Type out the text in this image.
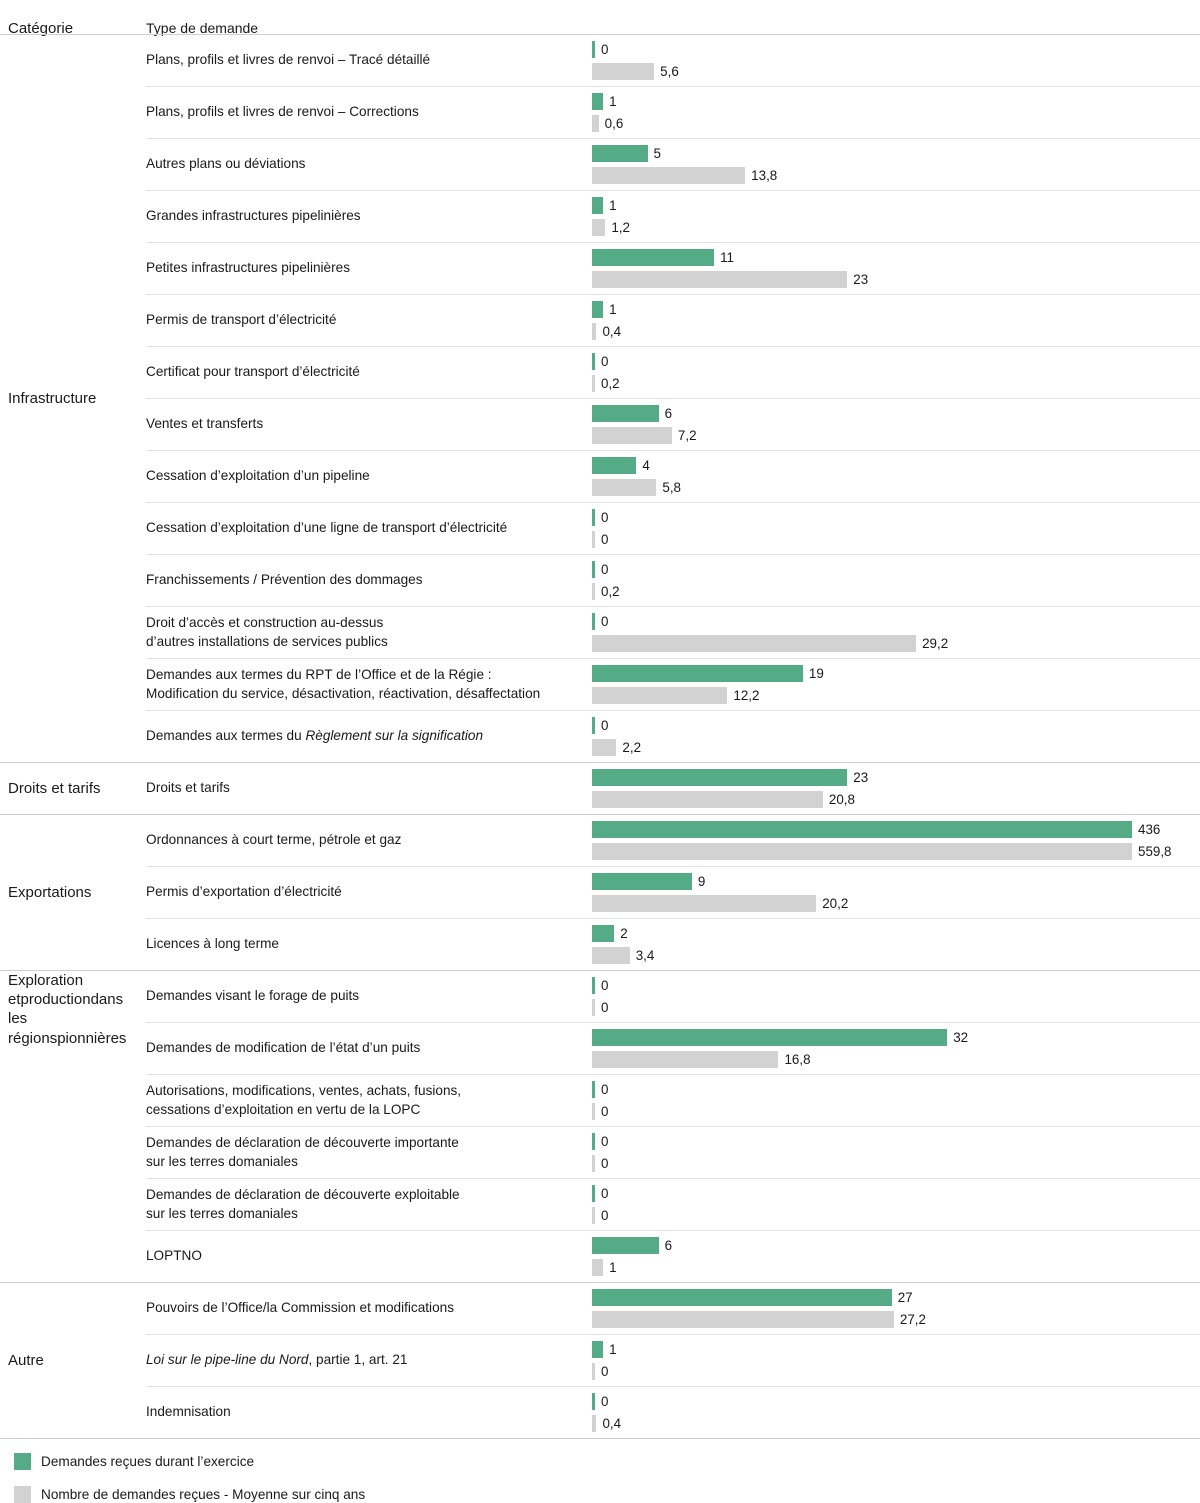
Catégorie	Type de demande
Infrastructure
Plans, profils et livres de renvoi – Tracé détaillé
0
5,6
Plans, profils et livres de renvoi – Corrections
1
0,6
Autres plans ou déviations
5
13,8
Grandes infrastructures pipelinières
1
1,2
Petites infrastructures pipelinières
11
23
Permis de transport d’électricité
1
0,4
Certificat pour transport d’électricité
0
0,2
Ventes et transferts
6
7,2
Cessation d’exploitation d’un pipeline
4
5,8
Cessation d’exploitation d’une ligne de transport d’électricité
0
0
Franchissements / Prévention des dommages
0
0,2
Droit d’accès et construction au-dessus
d’autres installations de services publics
0
29,2
Demandes aux termes du RPT de l’Office et de la Régie :
Modification du service, désactivation, réactivation, désaffectation
19
12,2
Demandes aux termes du Règlement sur la signification
0
2,2
Droits et tarifs	Droits et tarifs
23
20,8
Exportations
Ordonnances à court terme, pétrole et gaz
436
559,8
Permis d’exportation d’électricité
9
20,2
Licences à long terme
2
3,4
Exploration etproductiondans les régionspionnières
Demandes visant le forage de puits
0
0
Demandes de modification de l’état d’un puits
32
16,8
Autorisations, modifications, ventes, achats, fusions,
cessations d’exploitation en vertu de la LOPC
0
0
Demandes de déclaration de découverte importante
sur les terres domaniales
0
0
Demandes de déclaration de découverte exploitable
sur les terres domaniales
0
0
LOPTNO
6
1
Autre
Pouvoirs de l’Office/la Commission et modifications
27
27,2
Loi sur le pipe-line du Nord, partie 1, art. 21
1
0
Indemnisation
0
0,4
Demandes reçues durant l’exercice
Nombre de demandes reçues - Moyenne sur cinq ans
